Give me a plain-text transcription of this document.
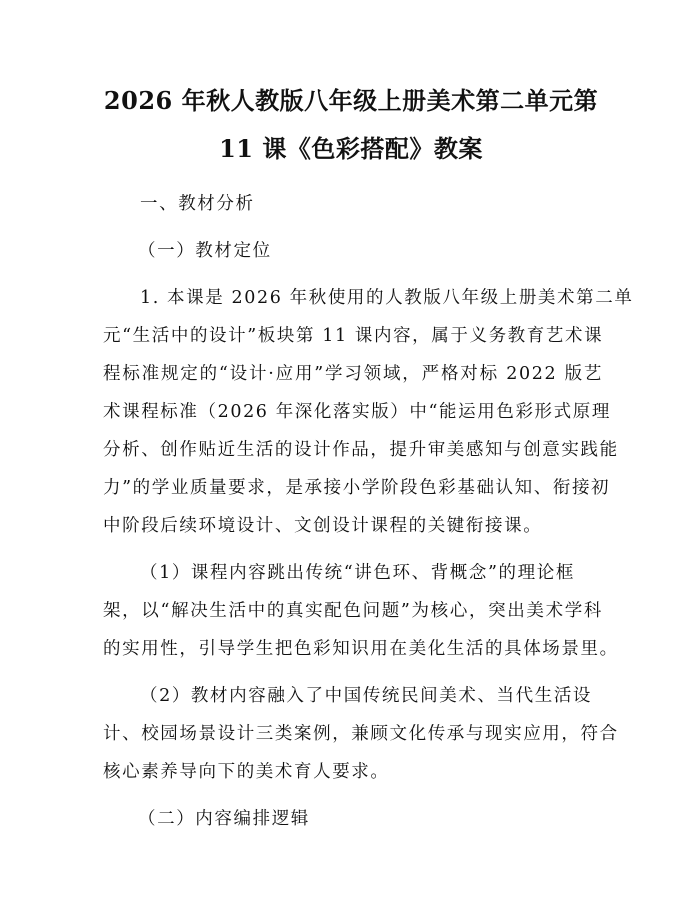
2026 年秋人教版八年级上册美术第二单元第
11 课《色彩搭配》教案
一、教材分析
（一）教材定位
1. 本课是 2026 年秋使用的人教版八年级上册美术第二单
元“生活中的设计”板块第 11 课内容，属于义务教育艺术课
程标准规定的“设计·应用”学习领域，严格对标 2022 版艺
术课程标准（2026 年深化落实版）中“能运用色彩形式原理
分析、创作贴近生活的设计作品，提升审美感知与创意实践能
力”的学业质量要求，是承接小学阶段色彩基础认知、衔接初
中阶段后续环境设计、文创设计课程的关键衔接课。
（1）课程内容跳出传统“讲色环、背概念”的理论框
架，以“解决生活中的真实配色问题”为核心，突出美术学科
的实用性，引导学生把色彩知识用在美化生活的具体场景里。
（2）教材内容融入了中国传统民间美术、当代生活设
计、校园场景设计三类案例，兼顾文化传承与现实应用，符合
核心素养导向下的美术育人要求。
（二）内容编排逻辑
